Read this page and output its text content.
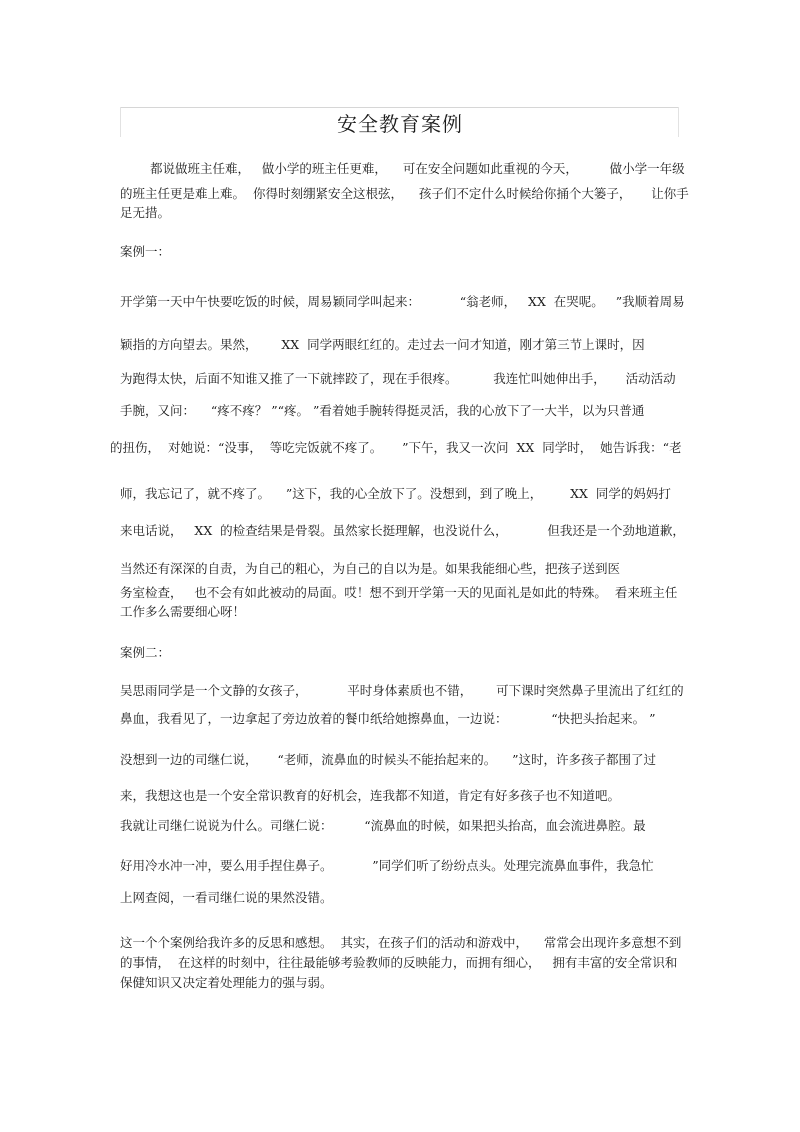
安全教育案例
都说做班主任难，   做小学的班主任更难，    可在安全问题如此重视的今天，        做小学一年级
的班主任更是难上难。  你得时刻绷紧安全这根弦，    孩子们不定什么时候给你捅个大篓子，     让你手
足无措。
案例一：
开学第一天中午快要吃饭的时候，周易颖同学叫起来：          “翁老师，   XX  在哭呢。   ”我顺着周易
颖指的方向望去。果然，      XX  同学两眼红红的。走过去一问才知道，刚才第三节上课时，因
为跑得太快，后面不知谁又推了一下就摔跤了，现在手很疼。         我连忙叫她伸出手，     活动活动
手腕，又问：    “疼不疼？ ”“疼。 ”看着她手腕转得挺灵活，我的心放下了一大半，以为只普通
的扭伤，  对她说：“没事，  等吃完饭就不疼了。     ”下午，我又一次问  XX  同学时，  她告诉我：“老
师，我忘记了，就不疼了。    ”这下，我的心全放下了。没想到，到了晚上，       XX  同学的妈妈打
来电话说，   XX  的检查结果是骨裂。虽然家长挺理解，也没说什么，          但我还是一个劲地道歉，
当然还有深深的自责，为自己的粗心，为自己的自以为是。如果我能细心些，把孩子送到医
务室检查，   也不会有如此被动的局面。哎！想不到开学第一天的见面礼是如此的特殊。  看来班主任
工作多么需要细心呀！
案例二：
吴思雨同学是一个文静的女孩子，          平时身体素质也不错，      可下课时突然鼻子里流出了红红的
鼻血，我看见了，一边拿起了旁边放着的餐巾纸给她擦鼻血，一边说：           “快把头抬起来。 ”
没想到一边的司继仁说，     “老师，流鼻血的时候头不能抬起来的。    ”这时，许多孩子都围了过
来，我想这也是一个安全常识教育的好机会，连我都不知道，肯定有好多孩子也不知道吧。
我就让司继仁说说为什么。司继仁说：        “流鼻血的时候，如果把头抬高，血会流进鼻腔。最
好用冷水冲一冲，要么用手捏住鼻子。          ”同学们听了纷纷点头。处理完流鼻血事件，我急忙
上网查阅，一看司继仁说的果然没错。
这一个个案例给我许多的反思和感想。  其实，在孩子们的活动和游戏中，    常常会出现许多意想不到
的事情，  在这样的时刻中，往往最能够考验教师的反映能力，而拥有细心，   拥有丰富的安全常识和
保健知识又决定着处理能力的强与弱。
